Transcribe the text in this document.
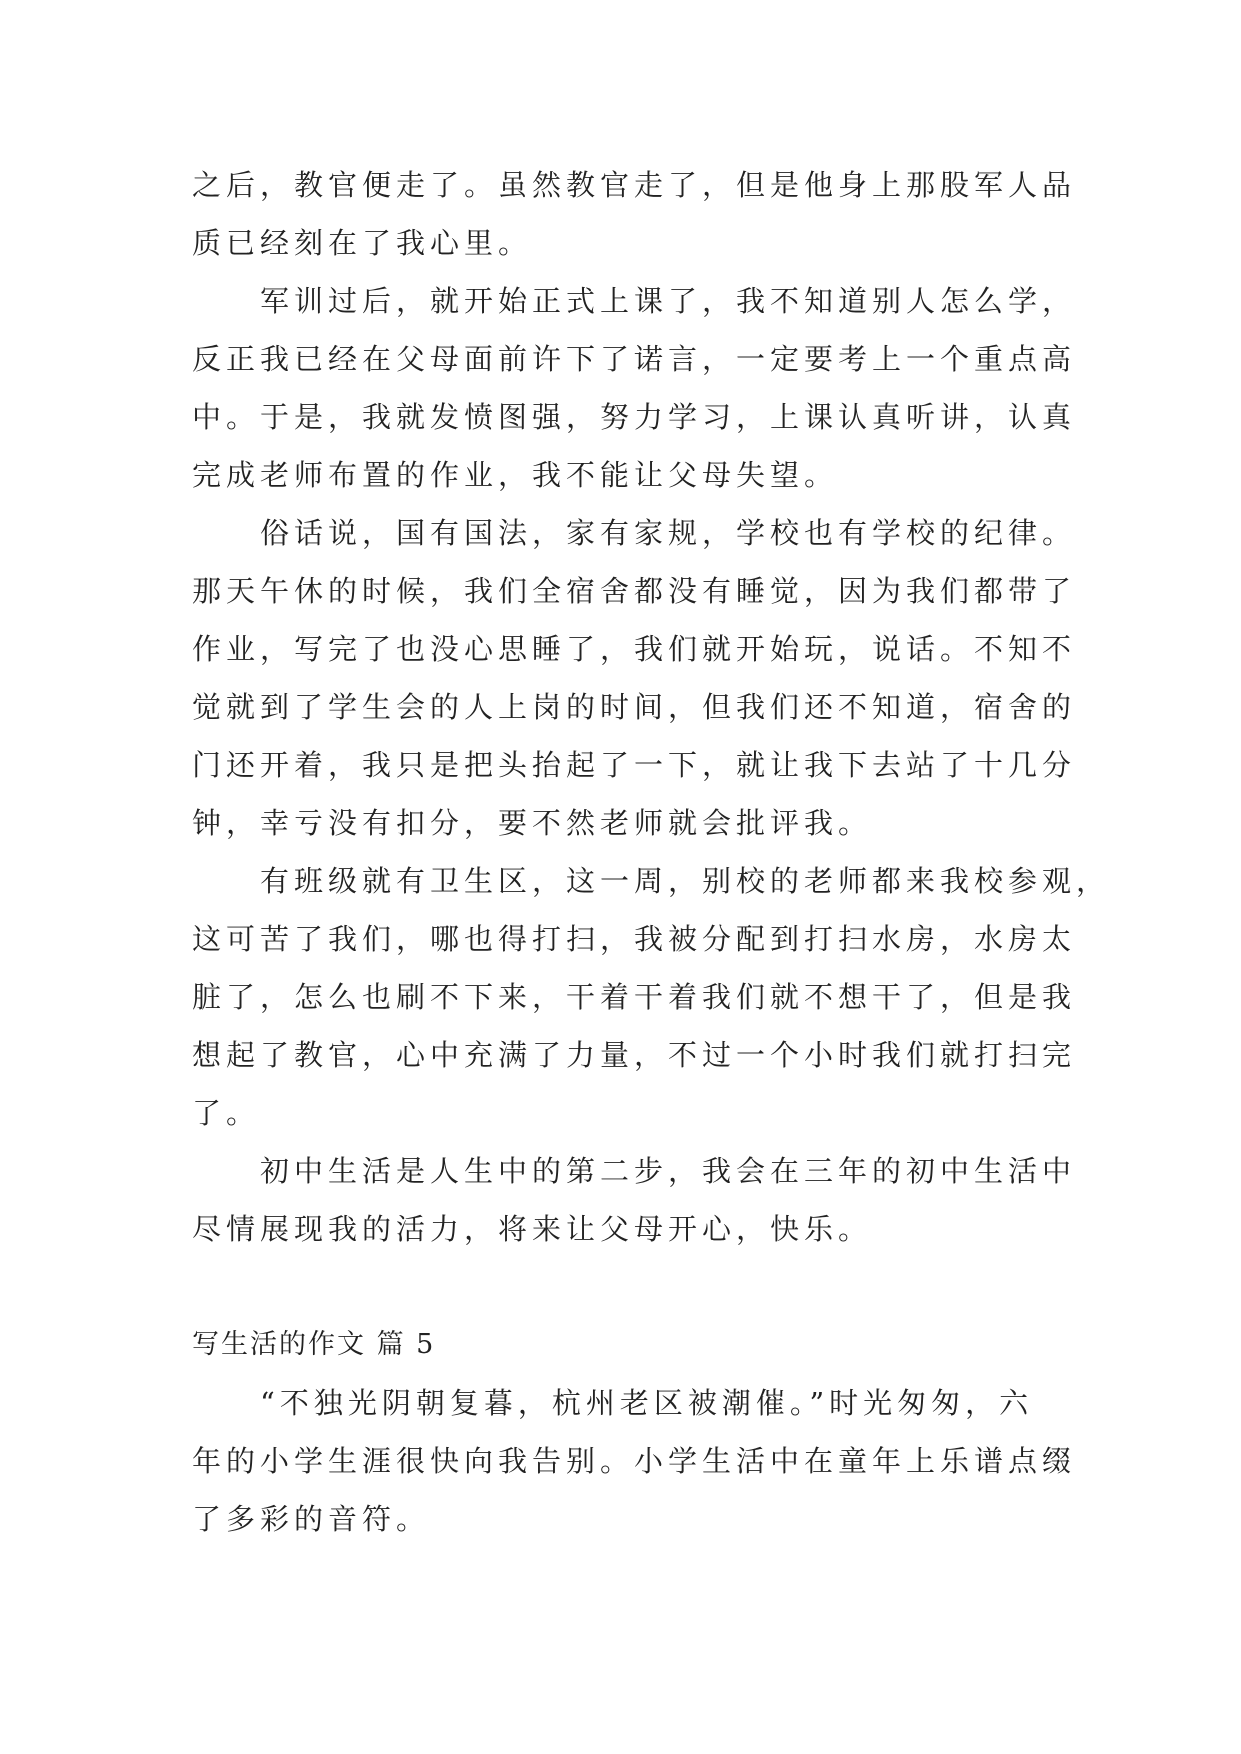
之后，教官便走了。虽然教官走了，但是他身上那股军人品
质已经刻在了我心里。
　　军训过后，就开始正式上课了，我不知道别人怎么学，
反正我已经在父母面前许下了诺言，一定要考上一个重点高
中。于是，我就发愤图强，努力学习，上课认真听讲，认真
完成老师布置的作业，我不能让父母失望。
　　俗话说，国有国法，家有家规，学校也有学校的纪律。
那天午休的时候，我们全宿舍都没有睡觉，因为我们都带了
作业，写完了也没心思睡了，我们就开始玩，说话。不知不
觉就到了学生会的人上岗的时间，但我们还不知道，宿舍的
门还开着，我只是把头抬起了一下，就让我下去站了十几分
钟，幸亏没有扣分，要不然老师就会批评我。
　　有班级就有卫生区，这一周，别校的老师都来我校参观，
这可苦了我们，哪也得打扫，我被分配到打扫水房，水房太
脏了，怎么也刷不下来，干着干着我们就不想干了，但是我
想起了教官，心中充满了力量，不过一个小时我们就打扫完
了。
　　初中生活是人生中的第二步，我会在三年的初中生活中
尽情展现我的活力，将来让父母开心，快乐。
写生活的作文 篇 5
　　“不独光阴朝复暮，杭州老区被潮催。”时光匆匆，六
年的小学生涯很快向我告别。小学生活中在童年上乐谱点缀
了多彩的音符。
